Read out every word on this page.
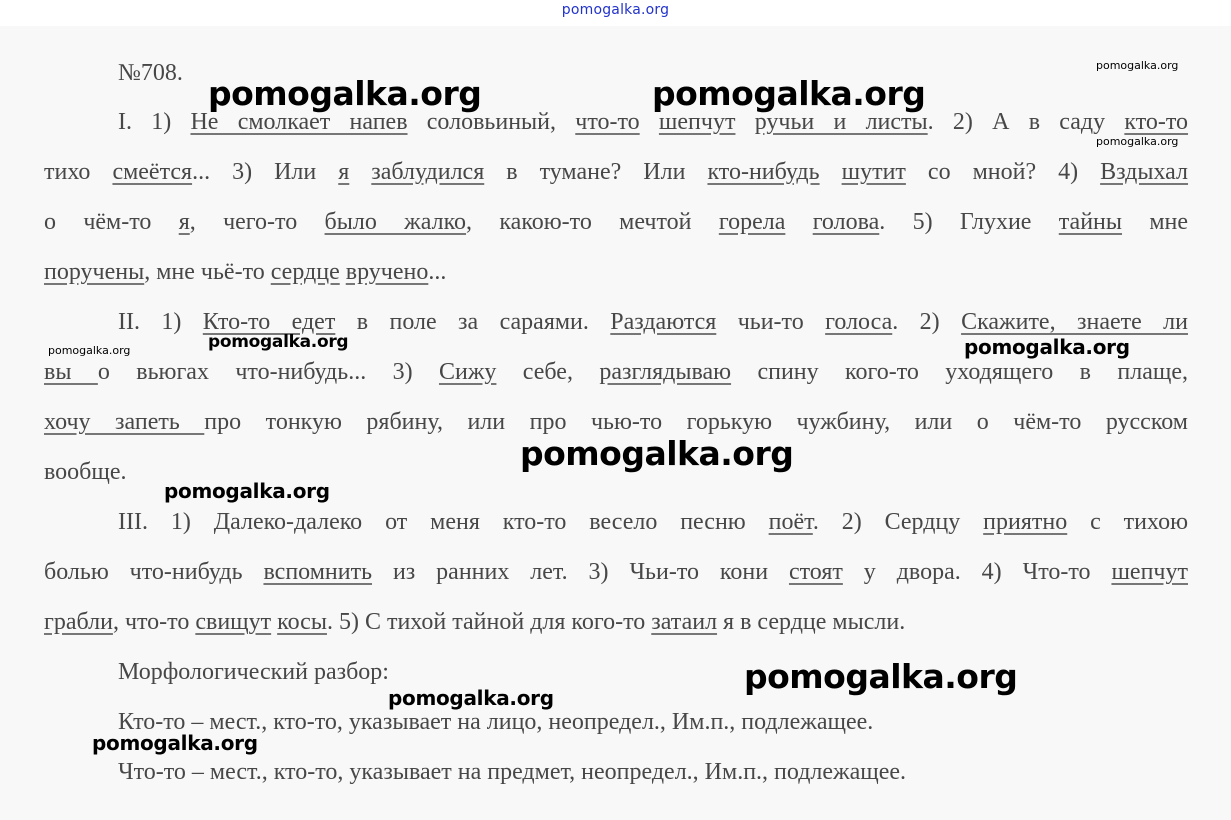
pomogalka.org
№708.
I. 1) Не смолкает напев соловьиный, что-то шепчут ручьи и листы. 2) А в саду кто-то
тихо смеётся... 3) Или я заблудился в тумане? Или кто-нибудь шутит со мной? 4) Вздыхал
о чём-то я, чего-то было жалко, какою-то мечтой горела голова. 5) Глухие тайны мне
поручены, мне чьё-то сердце вручено...
II. 1) Кто-то едет в поле за сараями. Раздаются чьи-то голоса. 2) Скажите, знаете ли
вы о вьюгах что-нибудь... 3) Сижу себе, разглядываю спину кого-то уходящего в плаще,
хочу запеть про тонкую рябину, или про чью-то горькую чужбину, или о чём-то русском
вообще.
III. 1) Далеко-далеко от меня кто-то весело песню поёт. 2) Сердцу приятно с тихою
болью что-нибудь вспомнить из ранних лет. 3) Чьи-то кони стоят у двора. 4) Что-то шепчут
грабли, что-то свищут косы. 5) С тихой тайной для кого-то затаил я в сердце мысли.
Морфологический разбор:
Кто-то – мест., кто-то, указывает на лицо, неопредел., Им.п., подлежащее.
Что-то – мест., кто-то, указывает на предмет, неопредел., Им.п., подлежащее.
pomogalka.org	pomogalka.org
pomogalka.org
pomogalka.org
pomogalka.org	pomogalka.org	pomogalka.org
pomogalka.org
pomogalka.org
pomogalka.org
pomogalka.org
pomogalka.org
